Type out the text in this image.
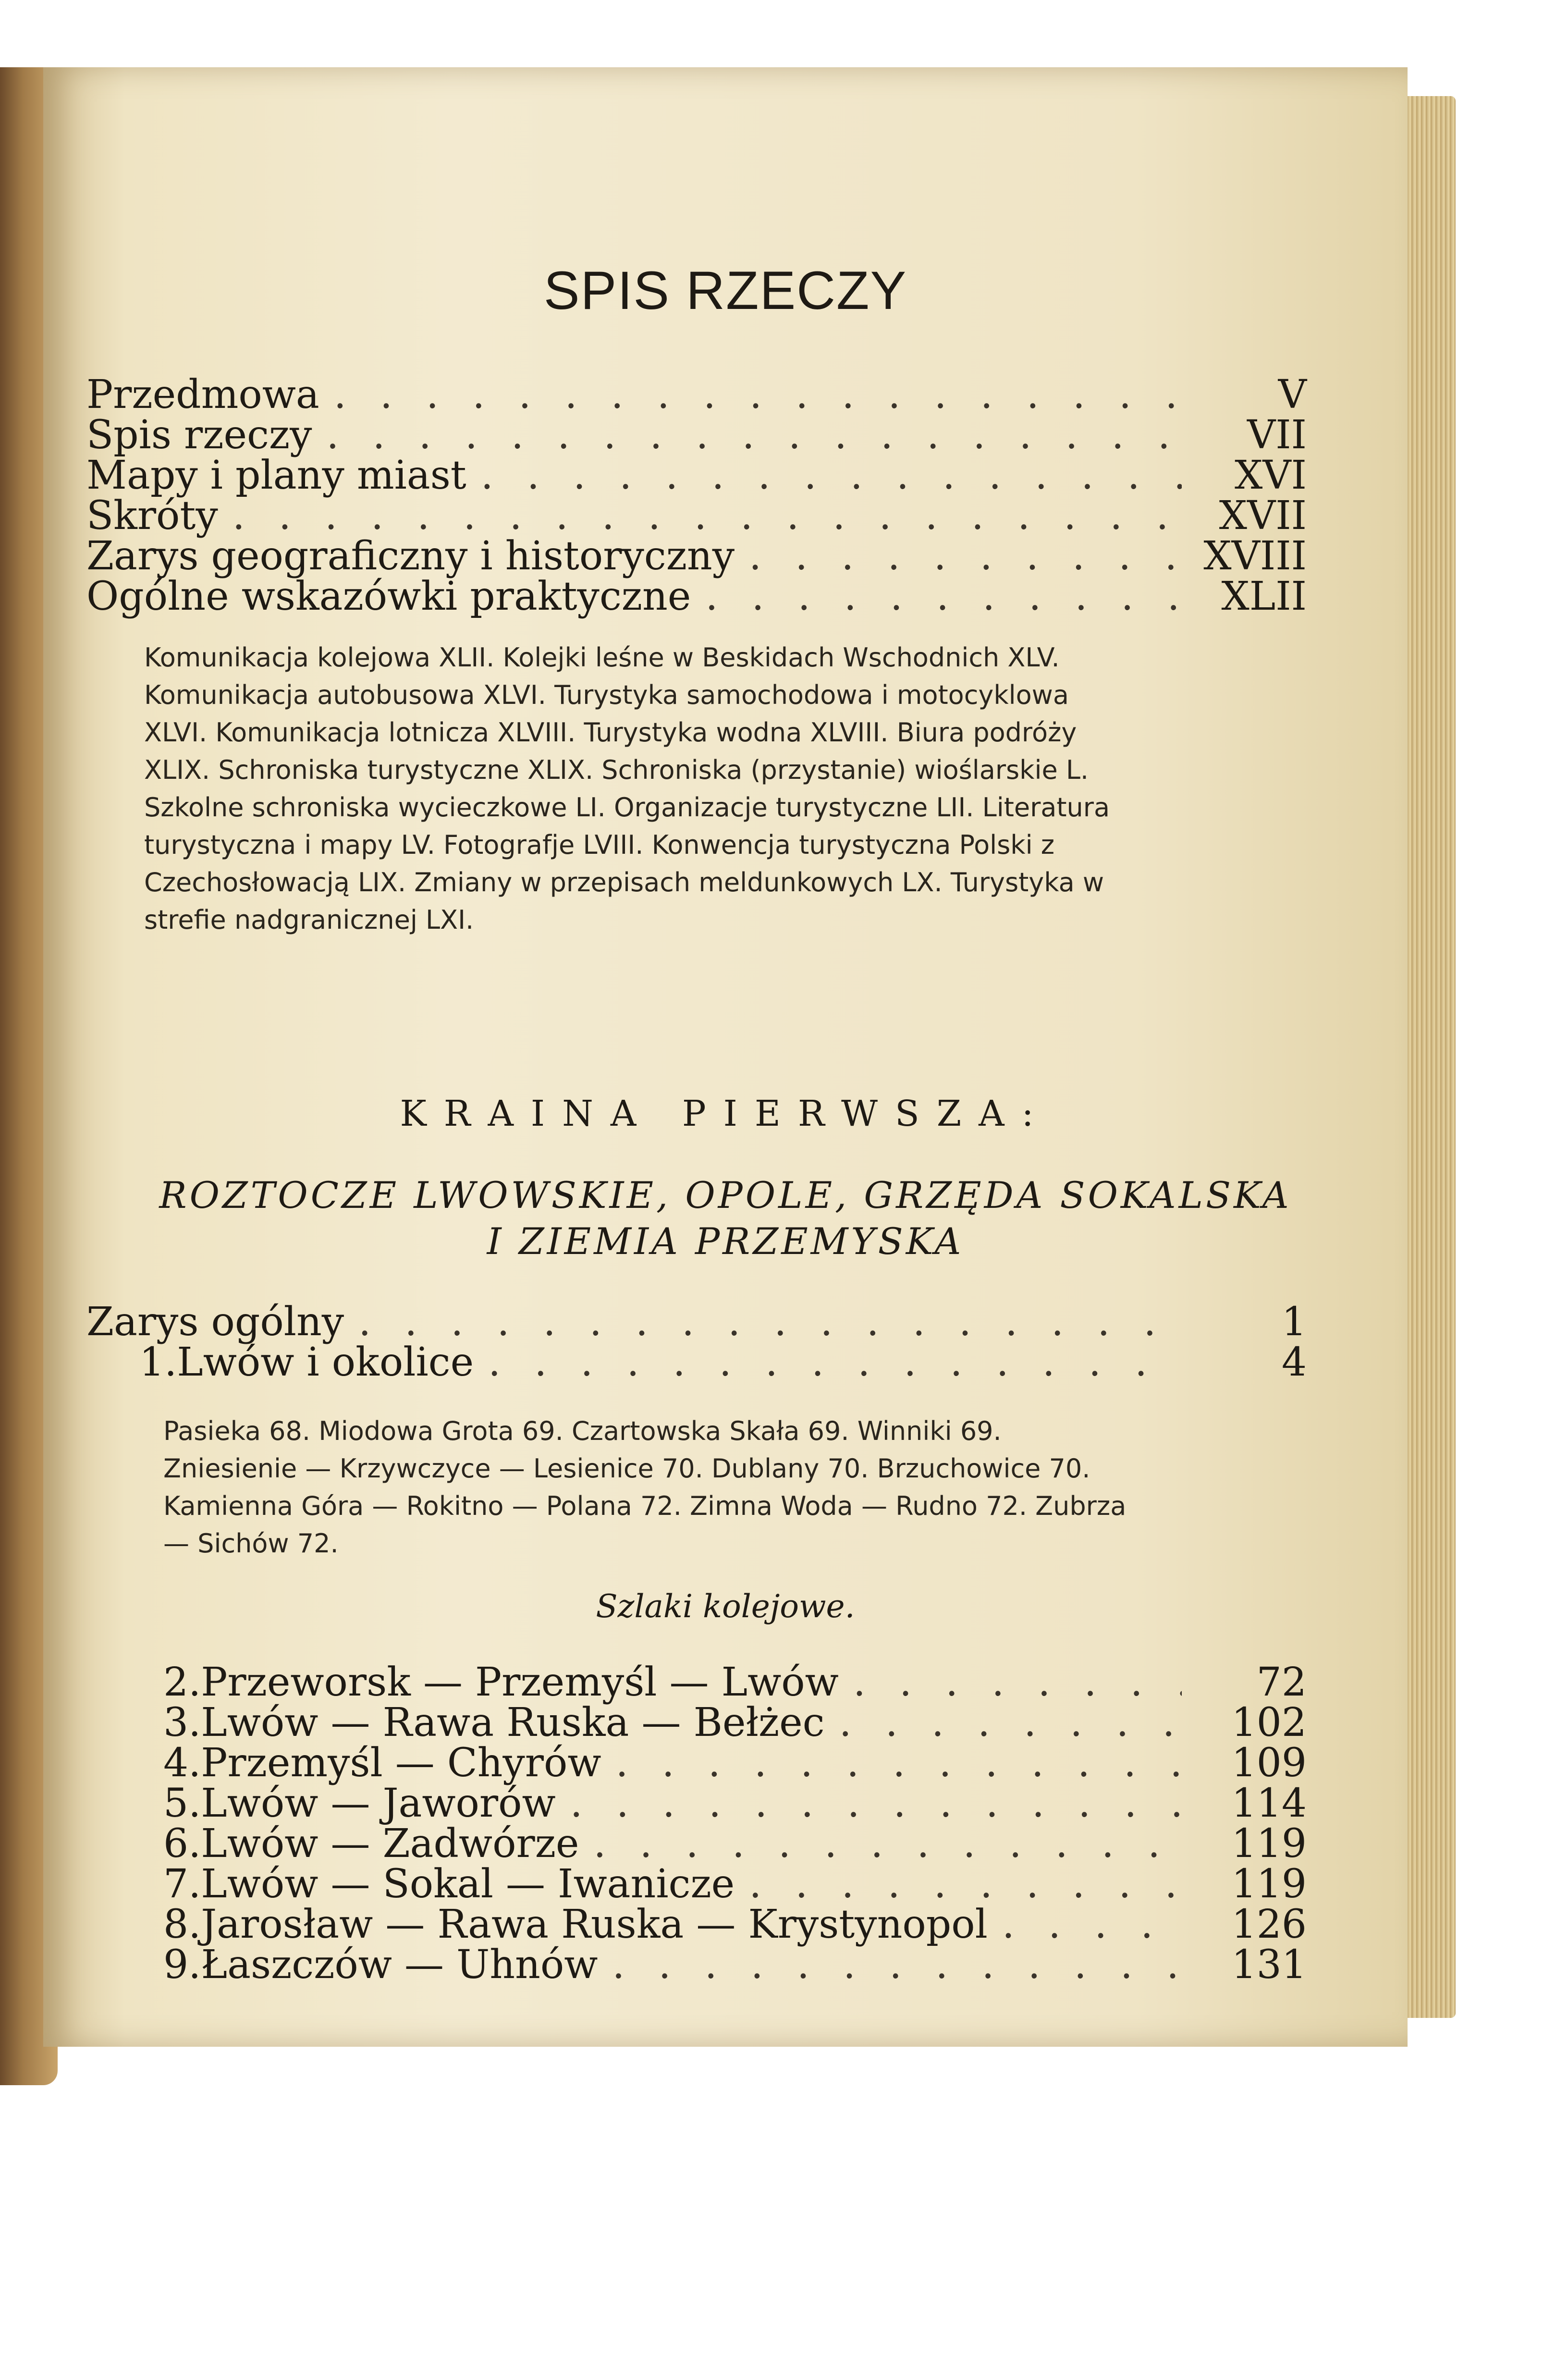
SPIS RZECZY
Przedmowa . . .	V
Spis rzeczy . . .	VII
Mapy i plany miast . . .	XVI
Skróty . . .	XVII
Zarys geograficzny i historyczny . . .	XVIII
Ogólne wskazówki praktyczne . . .	XLII

Komunikacja kolejowa XLII. Kolejki leśne w Beskidach Wschodnich XLV. Komunikacja autobusowa XLVI. Turystyka samochodowa i motocyklowa XLVI. Komunikacja lotnicza XLVIII. Turystyka wodna XLVIII. Biura podróży XLIX. Schroniska turystyczne XLIX. Schroniska (przystanie) wioślarskie L. Szkolne schroniska wycieczkowe LI. Organizacje turystyczne LII. Literatura turystyczna i mapy LV. Fotografje LVIII. Konwencja turystyczna Polski z Czechosłowacją LIX. Zmiany w przepisach meldunkowych LX. Turystyka w strefie nadgranicznej LXI.

KRAINA PIERWSZA:
ROZTOCZE LWOWSKIE, OPOLE, GRZĘDA SOKALSKA
I ZIEMIA PRZEMYSKA
Zarys ogólny . . .	1
1. Lwów i okolice . . .	4

Pasieka 68. Miodowa Grota 69. Czartowska Skała 69. Winniki 69. Zniesienie — Krzywczyce — Lesienice 70. Dublany 70. Brzuchowice 70. Kamienna Góra — Rokitno — Polana 72. Zimna Woda — Rudno 72. Zubrza — Sichów 72.

Szlaki kolejowe.
2. Przeworsk — Przemyśl — Lwów . . .	72
3. Lwów — Rawa Ruska — Bełżec . . .	102
4. Przemyśl — Chyrów . . .	109
5. Lwów — Jaworów . . .	114
6. Lwów — Zadwórze . . .	119
7. Lwów — Sokal — Iwanicze . . .	119
8. Jarosław — Rawa Ruska — Krystynopol . . .	126
9. Łaszczów — Uhnów . . .	131
